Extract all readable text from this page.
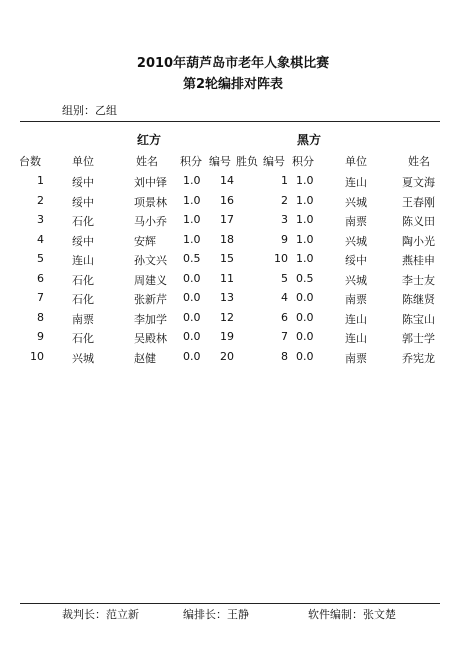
2010年葫芦岛市老年人象棋比赛
第2轮编排对阵表
组别：乙组
红方	黑方
台数	单位	姓名 积分 编号 胜负 编号 积分	单位	姓名
1	绥中	刘中铎 1.0 14	1 1.0	连山	夏文海
2	绥中	项景林 1.0 16	2 1.0	兴城	王春刚
3	石化	马小乔 1.0 17	3 1.0	南票	陈义田
4	绥中	安辉 1.0 18	9 1.0	兴城	陶小光
5	连山	孙文兴 0.5 15	10 1.0	绥中	燕桂申
6	石化	周建义 0.0 11	5 0.5	兴城	李士友
7	石化	张新芹 0.0 13	4 0.0	南票	陈继贤
8	南票	李加学 0.0 12	6 0.0	连山	陈宝山
9	石化	吴殿林 0.0 19	7 0.0	连山	郭士学
10	兴城	赵健 0.0 20	8 0.0	南票	乔宪龙
裁判长：范立新	编排长：王静	软件编制：张文楚
